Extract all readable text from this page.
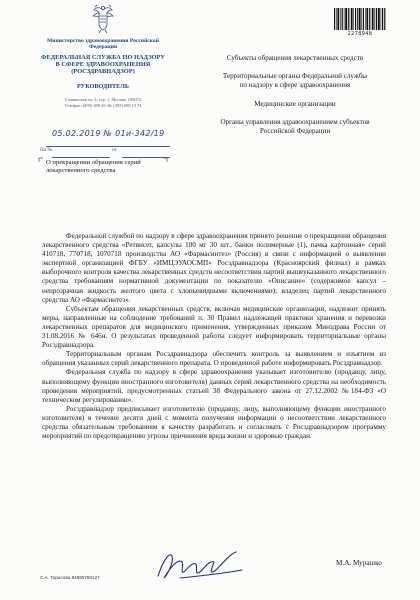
Министерство здравоохранения Российской Федерации
ФЕДЕРАЛЬНАЯ СЛУЖБА ПО НАДЗОРУ В СФЕРЕ ЗДРАВООХРАНЕНИЯ (РОСЗДРАВНАДЗОР)
РУКОВОДИТЕЛЬ
Славянская пл. 4, стр. 1, Москва, 109074
Телефон: (495) 698 45 38; (495) 698 15 74
05.02.2019 № 01и-342/19
На №	от
О прекращении обращения серий лекарственного средства
2278948
Субъекты обращения лекарственных средств
Территориальные органы Федеральной службы по надзору в сфере здравоохранения
Медицинские организации
Органы управления здравоохранением субъектов Российской Федерации

Федеральной службой по надзору в сфере здравоохранения принято решение о прекращении обращения лекарственного средства «Ретвисет, капсулы 100 мг 30 шт., банки полимерные (1), пачка картонная» серий 410718, 770718, 1070718 производства АО «Фармасинтез» (Россия) в связи с информацией о выявлении экспертной организацией ФГБУ «ИМЦЭУАОСМП» Росздравнадзора (Красноярский филиал) в рамках выборочного контроля качества лекарственных средств несоответствия партий вышеуказанного лекарственного средства требованиям нормативной документации по показателю «Описание» (содержимое капсул – непрозрачная жидкость желтого цвета с хлопьевидными включениями); владелец партий лекарственного средства АО «Фармасинтез».

Субъектам обращения лекарственных средств, включая медицинские организации, надлежит принять меры, направленные на соблюдение требований п. 30 Правил надлежащей практики хранения и перевозки лекарственных препаратов для медицинского применения, утвержденных приказом Минздрава России от 31.08.2016 № 646н. О результатах проведенной работы следует информировать территориальные органы Росздравнадзора.

Территориальным органам Росздравнадзора обеспечить контроль за выявлением и изъятием из обращения указанных серий лекарственного препарата. О проведенной работе информировать Росздравнадзор.

Федеральная служба по надзору в сфере здравоохранения указывает изготовителю (продавцу, лицу, выполняющему функции иностранного изготовителя) данных серий лекарственного средства на необходимость проведения мероприятий, предусмотренных статьей 38 Федерального закона от 27.12.2002 №184-ФЗ «О техническом регулировании».

Росздравнадзор предписывает изготовителю (продавцу, лицу, выполняющему функции иностранного изготовителя) в течение десяти дней с момента получения информации о несоответствии лекарственного средства обязательным требованиям к качеству разработать и согласовать с Росздравнадзором программу мероприятий по предотвращению угрозы причинения вреда жизни и здоровью граждан.

М.А. Мурашко
С.А. Тарасова 84995780127
